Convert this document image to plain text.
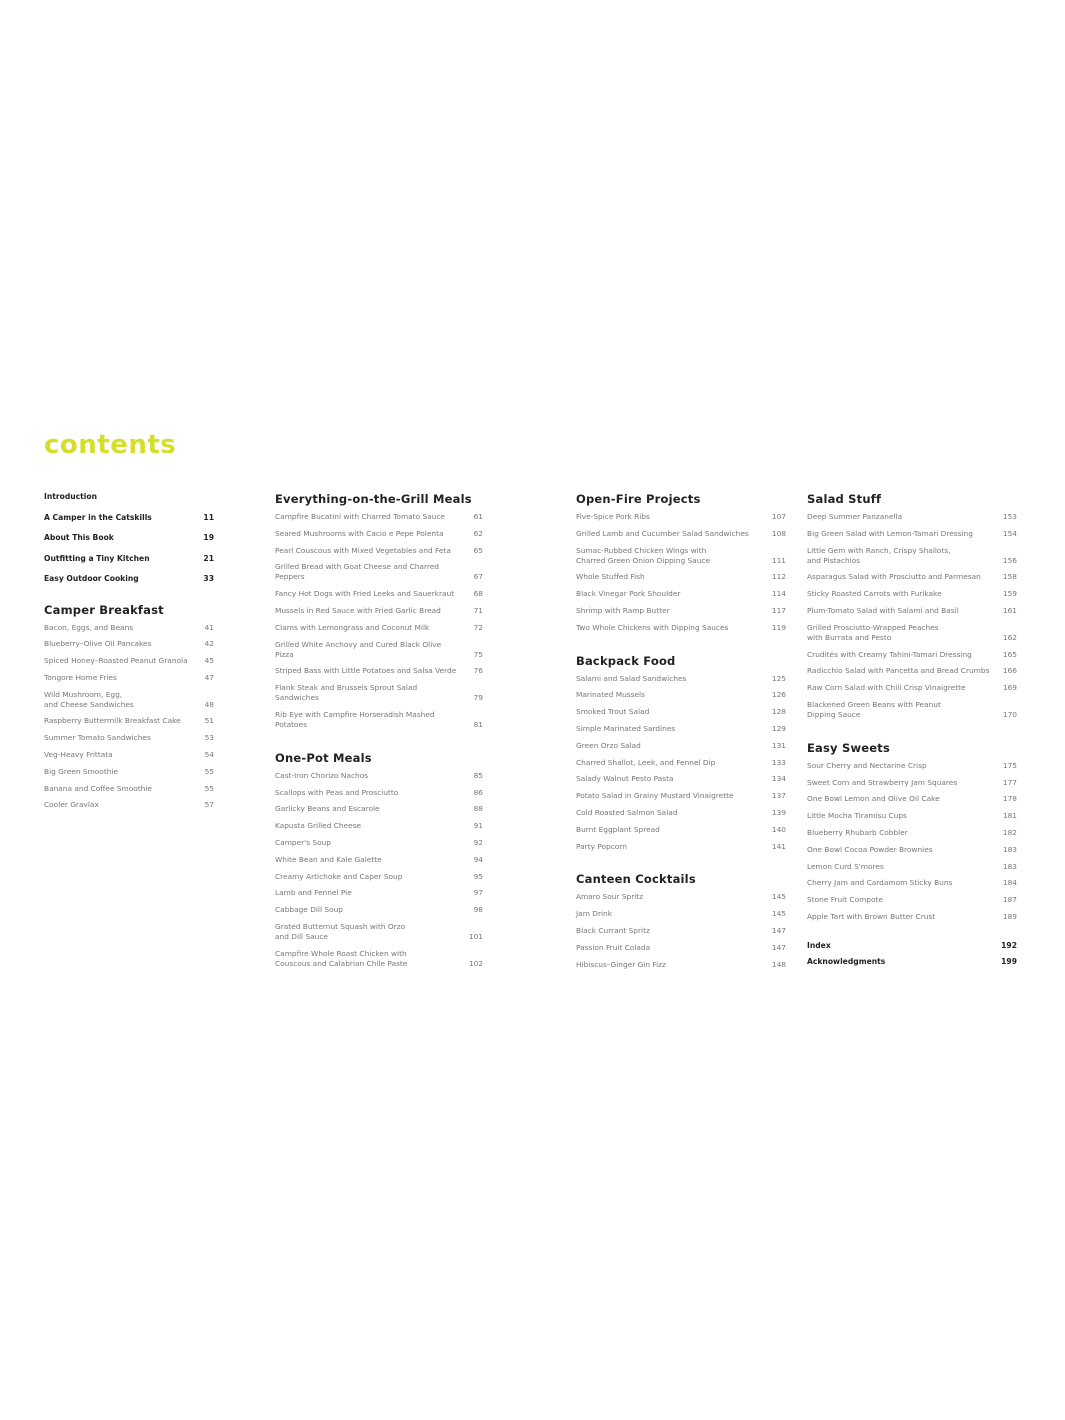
contents
Introduction
A Camper in the Catskills	11
About This Book	19
Outfitting a Tiny Kitchen	21
Easy Outdoor Cooking	33
Camper Breakfast
Bacon, Eggs, and Beans	41
Blueberry–Olive Oil Pancakes	42
Spiced Honey–Roasted Peanut Granola	45
Tongore Home Fries	47
Wild Mushroom, Egg,
and Cheese Sandwiches	48
Raspberry Buttermilk Breakfast Cake	51
Summer Tomato Sandwiches	53
Veg-Heavy Frittata	54
Big Green Smoothie	55
Banana and Coffee Smoothie	55
Cooler Gravlax	57
Everything-on-the-Grill Meals
Campfire Bucatini with Charred Tomato Sauce	61
Seared Mushrooms with Cacio e Pepe Polenta	62
Pearl Couscous with Mixed Vegetables and Feta	65
Grilled Bread with Goat Cheese and Charred Peppers	67
Fancy Hot Dogs with Fried Leeks and Sauerkraut	68
Mussels in Red Sauce with Fried Garlic Bread	71
Clams with Lemongrass and Coconut Milk	72
Grilled White Anchovy and Cured Black Olive Pizza	75
Striped Bass with Little Potatoes and Salsa Verde	76
Flank Steak and Brussels Sprout Salad Sandwiches	79
Rib Eye with Campfire Horseradish Mashed Potatoes	81
One-Pot Meals
Cast-Iron Chorizo Nachos	85
Scallops with Peas and Prosciutto	86
Garlicky Beans and Escarole	88
Kapusta Grilled Cheese	91
Camper's Soup	92
White Bean and Kale Galette	94
Creamy Artichoke and Caper Soup	95
Lamb and Fennel Pie	97
Cabbage Dill Soup	98
Grated Butternut Squash with Orzo
and Dill Sauce	101
Campfire Whole Roast Chicken with
Couscous and Calabrian Chile Paste	102
Open-Fire Projects
Five-Spice Pork Ribs	107
Grilled Lamb and Cucumber Salad Sandwiches	108
Sumac-Rubbed Chicken Wings with
Charred Green Onion Dipping Sauce	111
Whole Stuffed Fish	112
Black Vinegar Pork Shoulder	114
Shrimp with Ramp Butter	117
Two Whole Chickens with Dipping Sauces	119
Backpack Food
Salami and Salad Sandwiches	125
Marinated Mussels	126
Smoked Trout Salad	128
Simple Marinated Sardines	129
Green Orzo Salad	131
Charred Shallot, Leek, and Fennel Dip	133
Salady Walnut Pesto Pasta	134
Potato Salad in Grainy Mustard Vinaigrette	137
Cold Roasted Salmon Salad	139
Burnt Eggplant Spread	140
Party Popcorn	141
Canteen Cocktails
Amaro Sour Spritz	145
Jam Drink	145
Black Currant Spritz	147
Passion Fruit Colada	147
Hibiscus–Ginger Gin Fizz	148
Salad Stuff
Deep Summer Panzanella	153
Big Green Salad with Lemon-Tamari Dressing	154
Little Gem with Ranch, Crispy Shallots,
and Pistachios	156
Asparagus Salad with Prosciutto and Parmesan	158
Sticky Roasted Carrots with Furikake	159
Plum-Tomato Salad with Salami and Basil	161
Grilled Prosciutto-Wrapped Peaches
with Burrata and Pesto	162
Crudités with Creamy Tahini-Tamari Dressing	165
Radicchio Salad with Pancetta and Bread Crumbs	166
Raw Corn Salad with Chili Crisp Vinaigrette	169
Blackened Green Beans with Peanut
Dipping Sauce	170
Easy Sweets
Sour Cherry and Nectarine Crisp	175
Sweet Corn and Strawberry Jam Squares	177
One Bowl Lemon and Olive Oil Cake	178
Little Mocha Tiramisu Cups	181
Blueberry Rhubarb Cobbler	182
One Bowl Cocoa Powder Brownies	183
Lemon Curd S'mores	183
Cherry Jam and Cardamom Sticky Buns	184
Stone Fruit Compote	187
Apple Tart with Brown Butter Crust	189
Index	192
Acknowledgments	199
